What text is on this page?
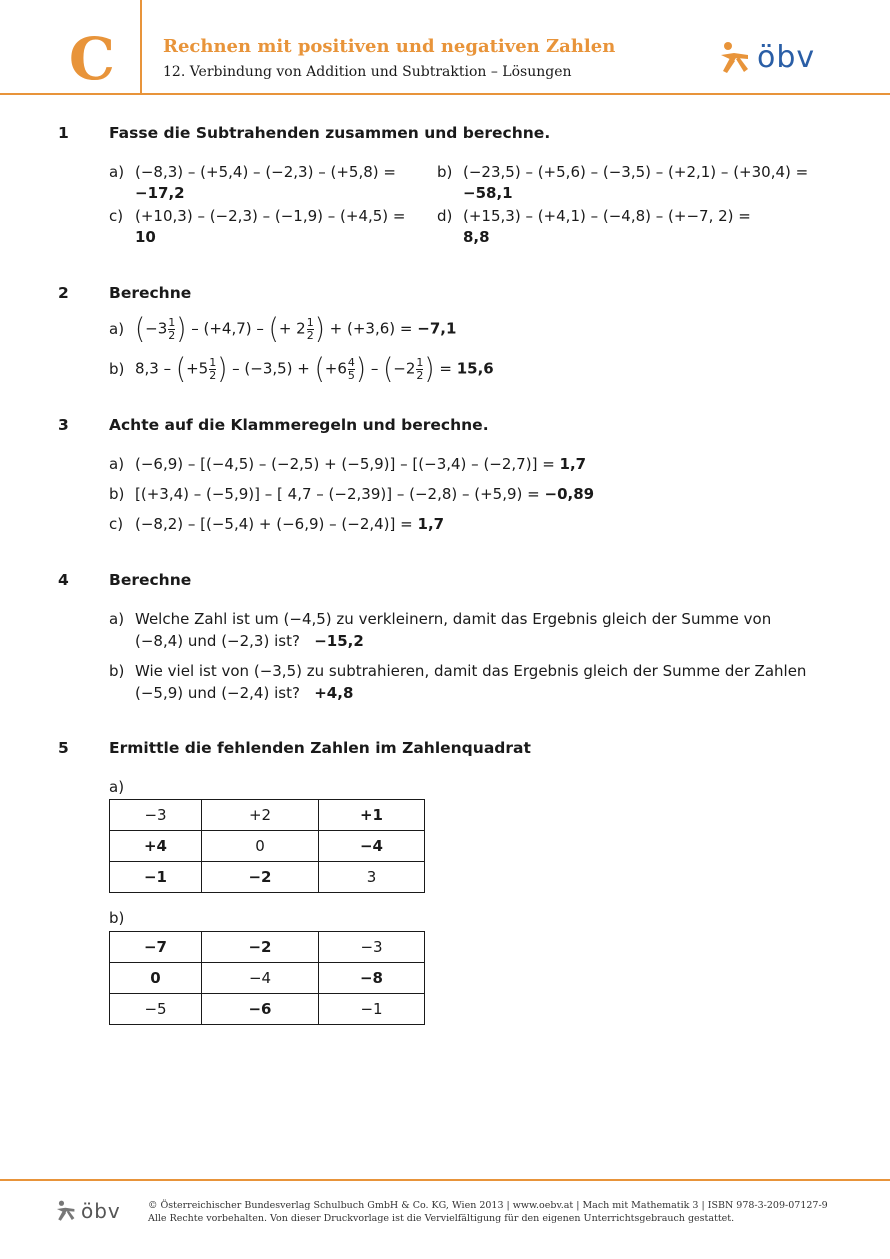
C	Rechnen mit positiven und negativen Zahlen
12. Verbindung von Addition und Subtraktion – Lösungen	öbv
1	Fasse die Subtrahenden zusammen und berechne.
a) (−8,3) – (+5,4) – (−2,3) – (+5,8) =
−17,2
b) (−23,5) – (+5,6) – (−3,5) – (+2,1) – (+30,4) =
−58,1
c) (+10,3) – (−2,3) – (−1,9) – (+4,5) =
10
d) (+15,3) – (+4,1) – (−4,8) – (+−7, 2) =
8,8
2	Berechne
a) ($-3 \frac{1}{2}$ ) – (+4,7) – (+ $2 \frac{1}{2}$ ) + (+3,6) = −7,1
b) $8,3 - (+5 \frac{1}{2}$ ) – $(-3,5) + (+6 \frac{4}{5}$ ) – ($-2 \frac{1}{2}$ ) = 15,6
3	Achte auf die Klammeregeln und berechne.
a) (−6,9) – [(−4,5) – (−2,5) + (−5,9)] – [(−3,4) – (−2,7)] = 1,7
b) [(+3,4) – (−5,9)] – [ 4,7 – (−2,39)] – (−2,8) – (+5,9) = −0,89
c) (−8,2) – [(−5,4) + (−6,9) – (−2,4)] = 1,7
4	Berechne
a) Welche Zahl ist um (−4,5) zu verkleinern, damit das Ergebnis gleich der Summe von
(−8,4) und (−2,3) ist? −15,2
b) Wie viel ist von (−3,5) zu subtrahieren, damit das Ergebnis gleich der Summe der Zahlen
(−5,9) und (−2,4) ist? +4,8
5	Ermittle die fehlenden Zahlen im Zahlenquadrat
a)
−3	+2	+1
+4	0	−4
−1	−2	3
b)
−7	−2	−3
0	−4	−8
−5	−6	−1
öbv	© Österreichischer Bundesverlag Schulbuch GmbH & Co. KG, Wien 2013 | www.oebv.at | Mach mit Mathematik 3 | ISBN 978-3-209-07127-9
Alle Rechte vorbehalten. Von dieser Druckvorlage ist die Vervielfältigung für den eigenen Unterrichtsgebrauch gestattet.
